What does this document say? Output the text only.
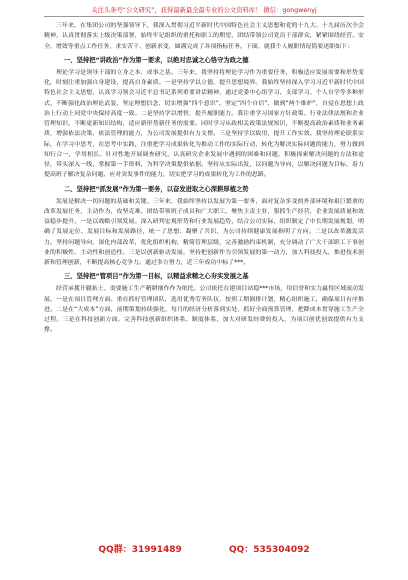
关注头条号“公文研究”，获得最新最全最专业的公文资料库！ 微信：gongwenyj

三年来，在集团公司的坚强领导下，我深入贯彻习近平新时代中国特色社会主义思想和党的十九大、十九届历次全会精神，认真贯彻落实上级决策部署，始终牢记组织的重托和职工的期望，团结带领公司党员干部群众，紧紧围绕经营、安全、增效等重点工作任务，求实苦干、创新求变，圆满完成了各项指标任务。下面，就我个人履职情况简要述职如下：

一、坚持把“讲政治”作为第一要求，以绝对忠诚之心恪守为政之德

理论学习是领导干部的立身之本、成事之基。三年来，我坚持将理论学习作为重要任务，积极适应发展需要和形势变化，时刻注重加强自身建设，提高自身素质。一是坚持学以立德，提升思想境界。我始终坚持深入学习习近平新时代中国特色社会主义思想，认真学习领会习近平总书记系列重要讲话精神，通过党委中心组学习、支部学习、个人自学等多种形式，不断强化政治理论武装，坚定理想信念，切实增强“四个意识”、坚定“四个自信”、做到“两个维护”，自觉在思想上政治上行动上同党中央保持高度一致。二是坚持学以增智，提升履职能力。我注重学习国家方针政策、行业法律法规和企业管理知识，不断更新知识结构，适应新形势新任务的需要。同时学习从政相关政策法规知识，不断提高政治素质和业务素质，增强依法决策、依法管理的能力，为公司发展提供有力支撑。三是坚持学以致用，提升工作实效。我坚持理论联系实际，在学习中思考，在思考中实践，注重把学习成果转化为推动工作的实际行动，转化为解决实际问题的能力，努力做到知行合一，学用相长。针对性地开展调查研究，认真研究企业发展中遇到的困难和问题，积极探索解决问题的方法和途径，带头深入一线，掌握第一手资料，为科学决策提供依据。坚持从实际出发，以问题为导向，以解决问题为目标，着力提高班子解决复杂问题、应对突发事件的能力，切实把学习的成果转化为工作的思路。

二、坚持把“抓发展”作为第一要务，以奋发进取之心深耕厚植之势

发展是解决一切问题的基础和关键。三年来，我始终坚持以发展为第一要务，面对复杂多变的外部环境和艰巨繁重的改革发展任务，主动作为、攻坚克难，团结带领班子成员和广大职工，聚焦主责主业，狠抓生产经营，企业发展质量和效益稳步提升。一是以战略引领发展。深入研判宏观形势和行业发展趋势，结合公司实际，组织制定了中长期发展规划，明确了发展定位、发展目标和发展路径，统一了思想、凝聚了共识，为公司持续健康发展指明了方向。二是以改革激发活力。坚持问题导向，深化内部改革，优化组织机构，精简管理层级，完善激励约束机制，充分调动了广大干部职工干事创业的积极性、主动性和创造性。三是以创新驱动发展。坚持把创新作为引领发展的第一动力，加大科技投入，推进技术创新和管理创新，不断提高核心竞争力。通过多方努力，近三年成功中标了***。

三、坚持把“管项目”作为第一目标，以精益求精之心夯实发展之基

经营承揽开疆拓土，需要施工生产精耕细作作为依托。公司依托在建项目站稳***市场，用信誉和实力赢得区域滚动发展。一是在项目管理方面。重在抓好管理团队，选用优秀劳务队伍，按照工期倒排计划，精心组织施工，确保项目有序推进。二是在“大成本”方面，前期策划持续强化，每月的经济分析落到实处，抓好全面预算管理，把降成本贯穿施工生产全过程。三是在科技创新方面，完善科技创新组织体系、制度体系，加大对研发经费的投入，为项目创优创效提供有力支撑。

QQ群：31991489	QQ：535304092
